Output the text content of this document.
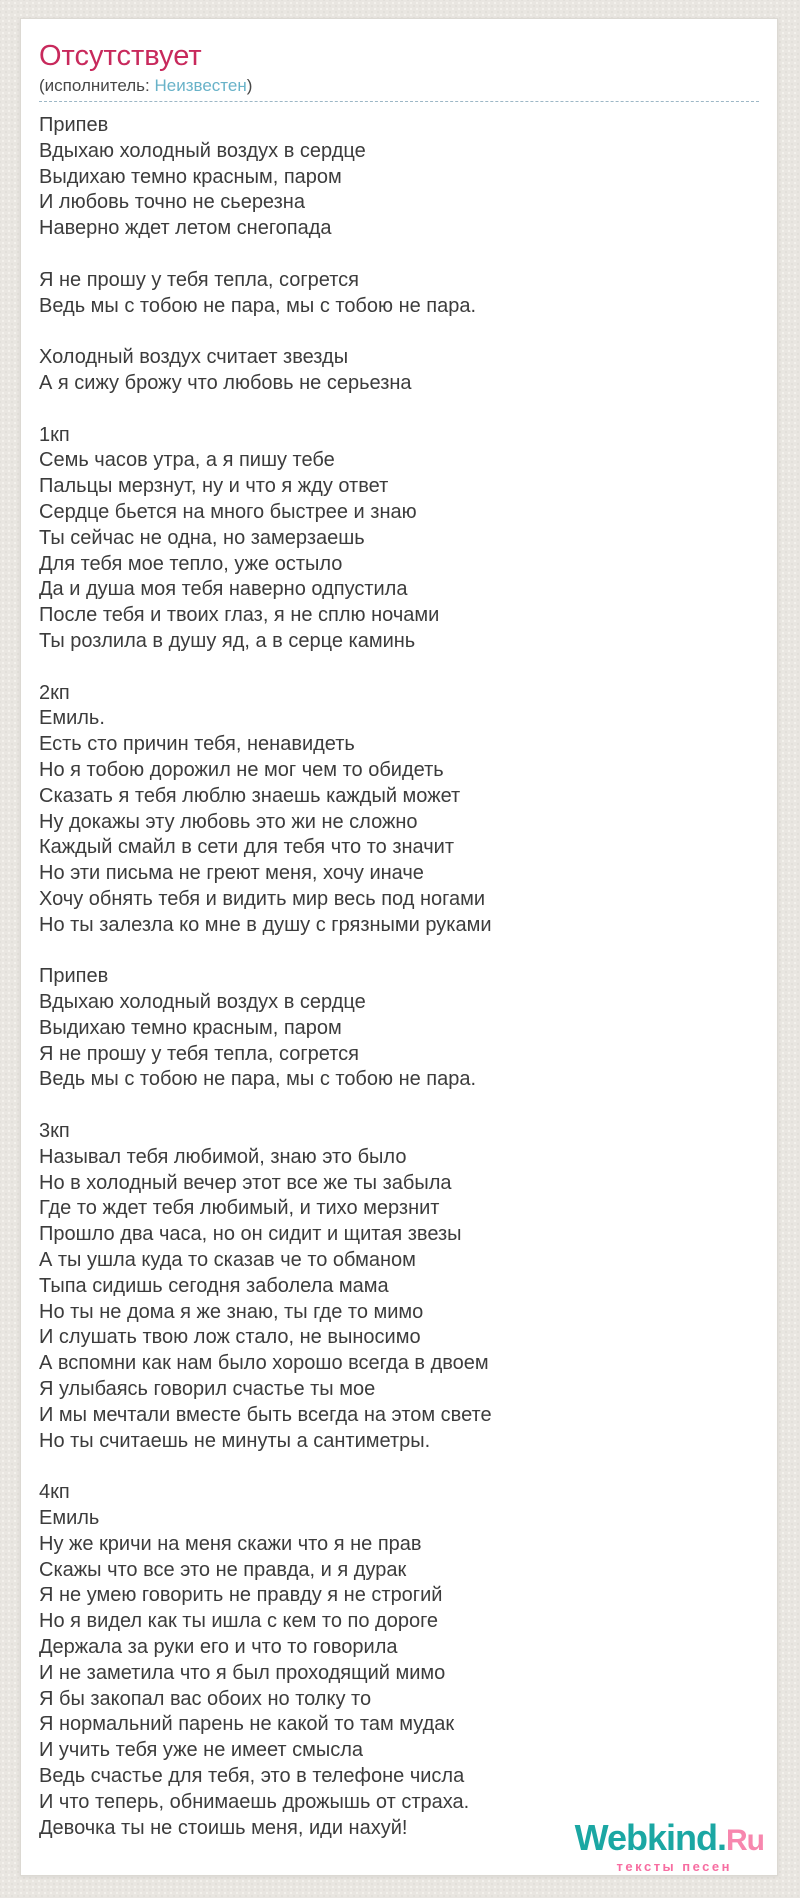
Отсутствует
(исполнитель: Неизвестен)
Припев
Вдыхаю холодный воздух в сердце
Выдихаю темно красным, паром
И любовь точно не сьерезна
Наверно ждет летом снегопада
Я не прошу у тебя тепла, согрется
Ведь мы с тобою не пара, мы с тобою не пара.
Холодный воздух считает звезды
А я сижу брожу что любовь не серьезна
1кп
Семь часов утра, а я пишу тебе
Пальцы мерзнут, ну и что я жду ответ
Сердце бьется на много быстрее и знаю
Ты сейчас не одна, но замерзаешь
Для тебя мое тепло, уже остыло
Да и душа моя тебя наверно одпустила
После тебя и твоих глаз, я не сплю ночами
Ты розлила в душу яд, а в серце каминь
2кп
Емиль.
Есть сто причин тебя, ненавидеть
Но я тобою дорожил не мог чем то обидеть
Сказать я тебя люблю знаешь каждый может
Ну докажы эту любовь это жи не сложно
Каждый смайл в сети для тебя что то значит
Но эти письма не греют меня, хочу иначе
Хочу обнять тебя и видить мир весь под ногами
Но ты залезла ко мне в душу с грязными руками
Припев
Вдыхаю холодный воздух в сердце
Выдихаю темно красным, паром
Я не прошу у тебя тепла, согрется
Ведь мы с тобою не пара, мы с тобою не пара.
3кп
Называл тебя любимой, знаю это было
Но в холодный вечер этот все же ты забыла
Где то ждет тебя любимый, и тихо мерзнит
Прошло два часа, но он сидит и щитая звезы
А ты ушла куда то сказав че то обманом
Тыпа сидишь сегодня заболела мама
Но ты не дома я же знаю, ты где то мимо
И слушать твою лож стало, не выносимо
А вспомни как нам было хорошо всегда в двоем
Я улыбаясь говорил счастье ты мое
И мы мечтали вместе быть всегда на этом свете
Но ты считаешь не минуты а сантиметры.
4кп
Емиль
Ну же кричи на меня скажи что я не прав
Скажы что все это не правда, и я дурак
Я не умею говорить не правду я не строгий
Но я видел как ты ишла с кем то по дороге
Держала за руки его и что то говорила
И не заметила что я был проходящий мимо
Я бы закопал вас обоих но толку то
Я нормальний парень не какой то там мудак
И учить тебя уже не имеет смысла
Ведь счастье для тебя, это в телефоне числа
И что теперь, обнимаешь дрожышь от страха.
Девочка ты не стоишь меня, иди нахуй!	Webkind.Ru
тексты песен
